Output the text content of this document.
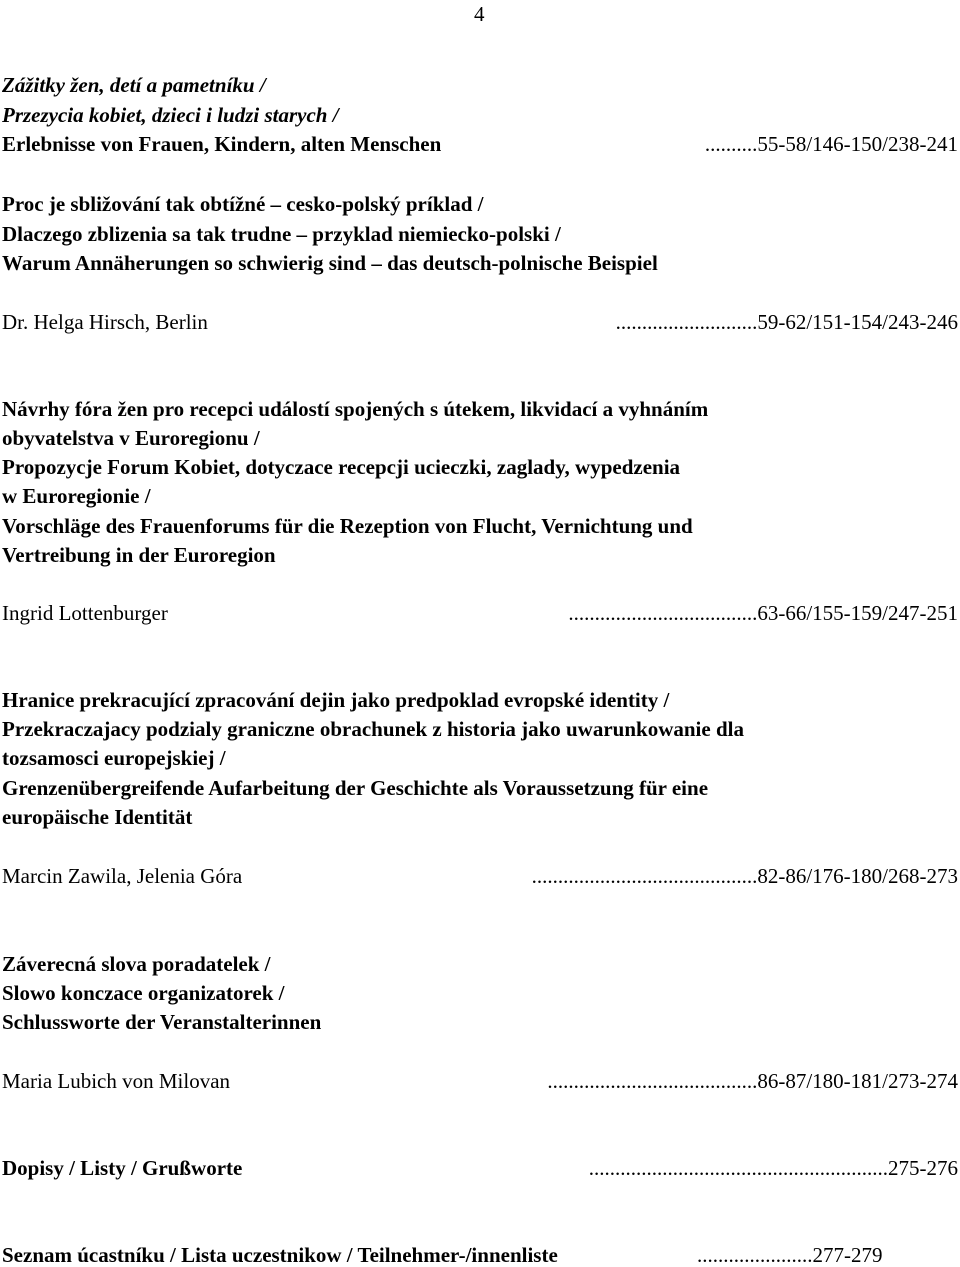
4
Zážitky žen, detí a pametníku /
Przezycia kobiet, dzieci i ludzi starych /
Erlebnisse von Frauen, Kindern, alten Menschen	..........55-58/146-150/238-241
Proc je sbližování tak obtížné – cesko-polský príklad /
Dlaczego zblizenia sa tak trudne – przyklad niemiecko-polski /
Warum Annäherungen so schwierig sind – das deutsch-polnische Beispiel
Dr. Helga Hirsch, Berlin	...........................59-62/151-154/243-246
Návrhy fóra žen pro recepci událostí spojených s útekem, likvidací a vyhnáním
obyvatelstva v Euroregionu /
Propozycje Forum Kobiet, dotyczace recepcji ucieczki, zaglady, wypedzenia
w Euroregionie /
Vorschläge des Frauenforums für die Rezeption von Flucht, Vernichtung und
Vertreibung in der Euroregion
Ingrid Lottenburger	....................................63-66/155-159/247-251
Hranice prekracující zpracování dejin jako predpoklad evropské identity /
Przekraczajacy podzialy graniczne obrachunek z historia jako uwarunkowanie dla
tozsamosci europejskiej /
Grenzenübergreifende Aufarbeitung der Geschichte als Voraussetzung für eine
europäische Identität
Marcin Zawila, Jelenia Góra	...........................................82-86/176-180/268-273
Záverecná slova poradatelek /
Slowo konczace organizatorek /
Schlussworte der Veranstalterinnen
Maria Lubich von Milovan	........................................86-87/180-181/273-274
Dopisy / Listy / Grußworte	.........................................................275-276
Seznam úcastníku / Lista uczestnikow / Teilnehmer-/innenliste	......................277-279
